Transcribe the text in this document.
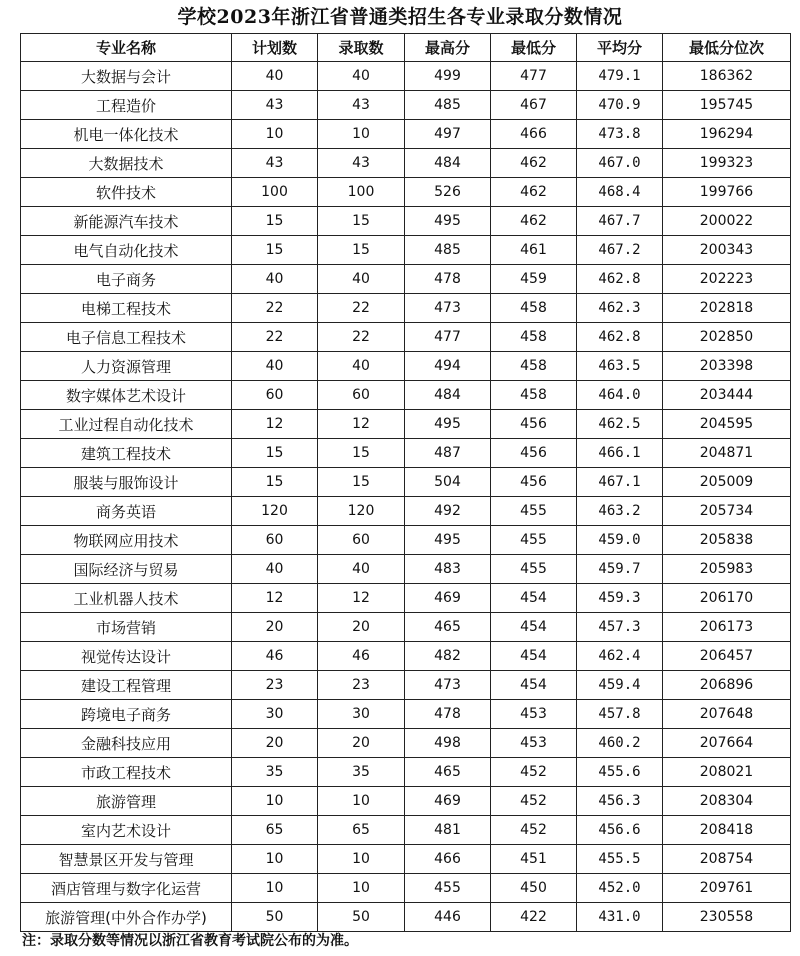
学校2023年浙江省普通类招生各专业录取分数情况
专业名称	计划数	录取数	最高分	最低分	平均分	最低分位次
大数据与会计	40	40	499	477	479.1	186362
工程造价	43	43	485	467	470.9	195745
机电一体化技术	10	10	497	466	473.8	196294
大数据技术	43	43	484	462	467.0	199323
软件技术	100	100	526	462	468.4	199766
新能源汽车技术	15	15	495	462	467.7	200022
电气自动化技术	15	15	485	461	467.2	200343
电子商务	40	40	478	459	462.8	202223
电梯工程技术	22	22	473	458	462.3	202818
电子信息工程技术	22	22	477	458	462.8	202850
人力资源管理	40	40	494	458	463.5	203398
数字媒体艺术设计	60	60	484	458	464.0	203444
工业过程自动化技术	12	12	495	456	462.5	204595
建筑工程技术	15	15	487	456	466.1	204871
服装与服饰设计	15	15	504	456	467.1	205009
商务英语	120	120	492	455	463.2	205734
物联网应用技术	60	60	495	455	459.0	205838
国际经济与贸易	40	40	483	455	459.7	205983
工业机器人技术	12	12	469	454	459.3	206170
市场营销	20	20	465	454	457.3	206173
视觉传达设计	46	46	482	454	462.4	206457
建设工程管理	23	23	473	454	459.4	206896
跨境电子商务	30	30	478	453	457.8	207648
金融科技应用	20	20	498	453	460.2	207664
市政工程技术	35	35	465	452	455.6	208021
旅游管理	10	10	469	452	456.3	208304
室内艺术设计	65	65	481	452	456.6	208418
智慧景区开发与管理	10	10	466	451	455.5	208754
酒店管理与数字化运营	10	10	455	450	452.0	209761
旅游管理(中外合作办学)	50	50	446	422	431.0	230558
注：录取分数等情况以浙江省教育考试院公布的为准。
